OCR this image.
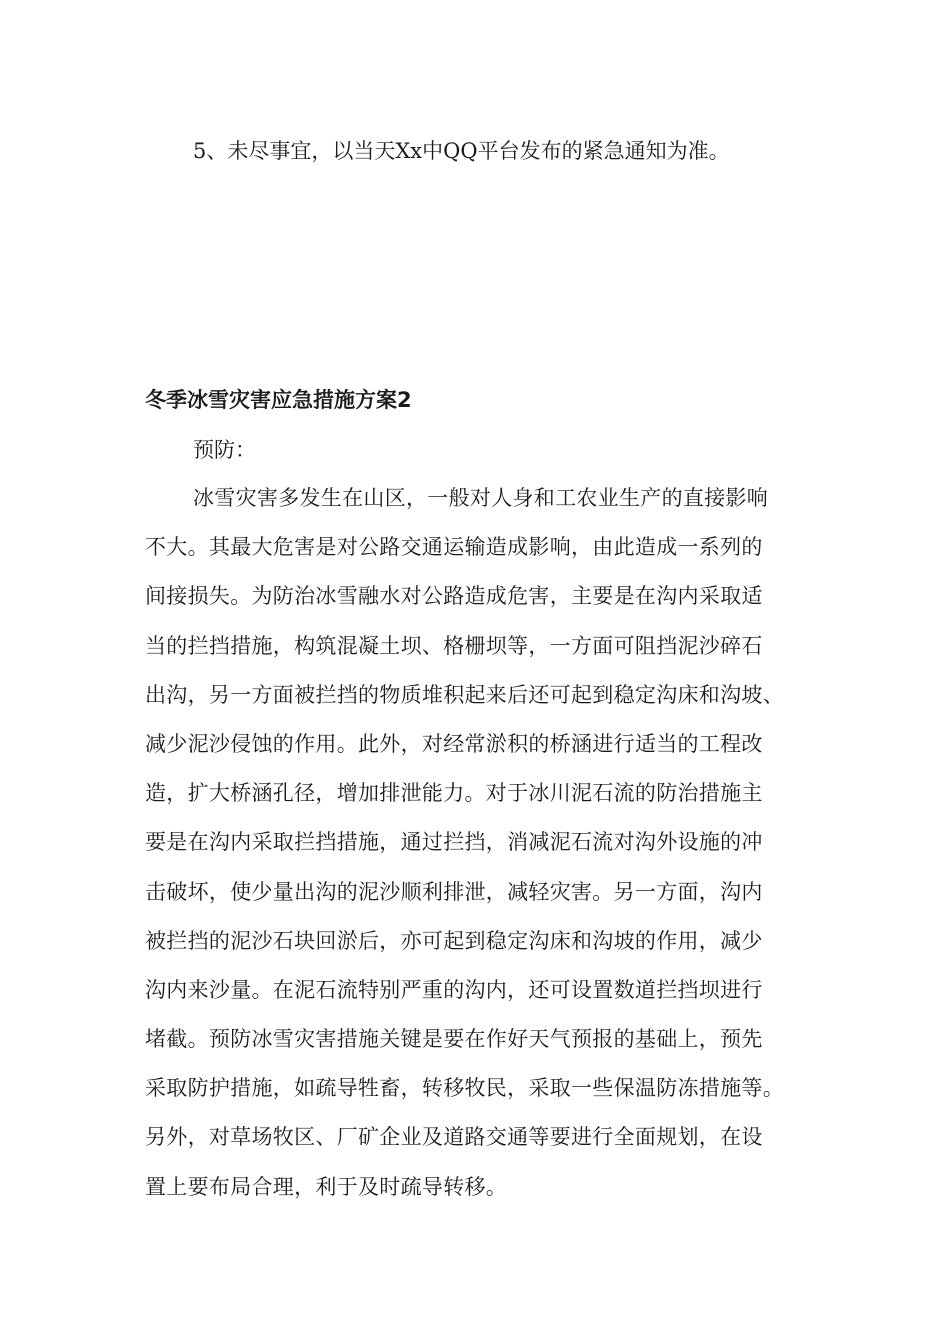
5、未尽事宜，以当天Xx中QQ平台发布的紧急通知为准。
冬季冰雪灾害应急措施方案2
预防：
冰雪灾害多发生在山区，一般对人身和工农业生产的直接影响
不大。其最大危害是对公路交通运输造成影响，由此造成一系列的
间接损失。为防治冰雪融水对公路造成危害，主要是在沟内采取适
当的拦挡措施，构筑混凝土坝、格栅坝等，一方面可阻挡泥沙碎石
出沟，另一方面被拦挡的物质堆积起来后还可起到稳定沟床和沟坡、
减少泥沙侵蚀的作用。此外，对经常淤积的桥涵进行适当的工程改
造，扩大桥涵孔径，增加排泄能力。对于冰川泥石流的防治措施主
要是在沟内采取拦挡措施，通过拦挡，消减泥石流对沟外设施的冲
击破坏，使少量出沟的泥沙顺利排泄，减轻灾害。另一方面，沟内
被拦挡的泥沙石块回淤后，亦可起到稳定沟床和沟坡的作用，减少
沟内来沙量。在泥石流特别严重的沟内，还可设置数道拦挡坝进行
堵截。预防冰雪灾害措施关键是要在作好天气预报的基础上，预先
采取防护措施，如疏导牲畜，转移牧民，采取一些保温防冻措施等。
另外，对草场牧区、厂矿企业及道路交通等要进行全面规划，在设
置上要布局合理，利于及时疏导转移。
